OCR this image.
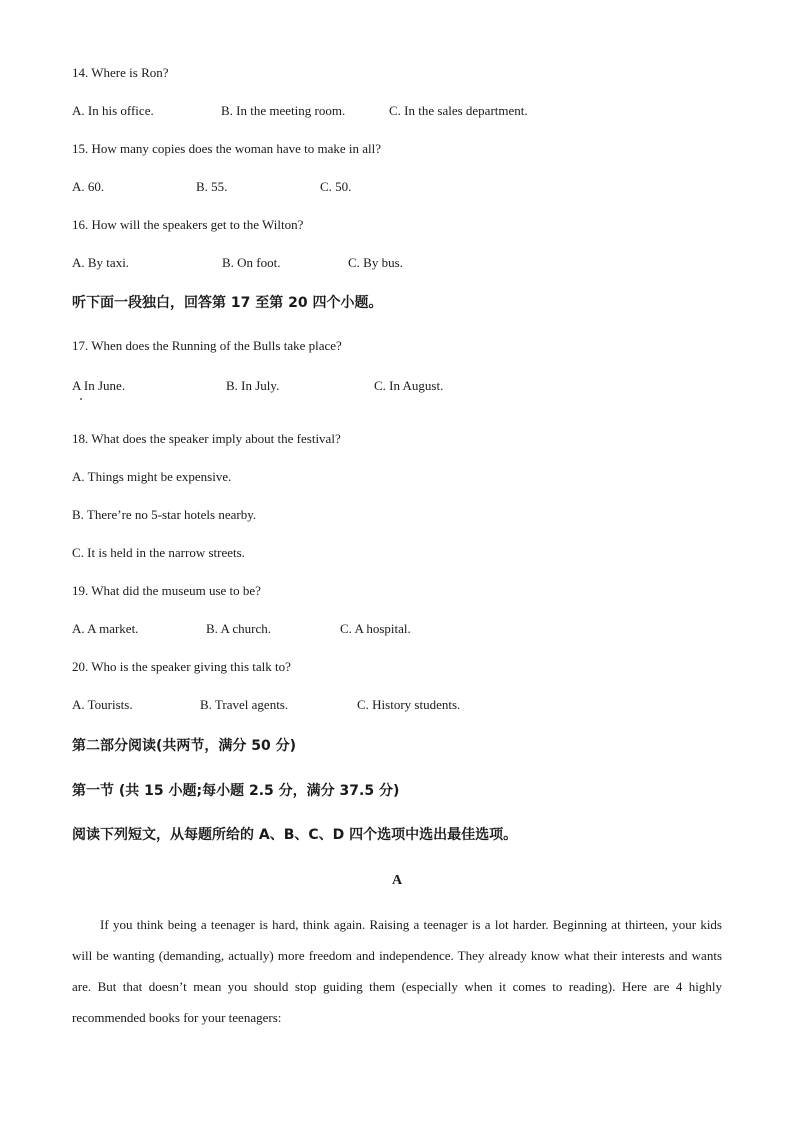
14. Where is Ron?
A. In his office.	B. In the meeting room.	C. In the sales department.
15. How many copies does the woman have to make in all?
A. 60.	B. 55.	C. 50.
16. How will the speakers get to the Wilton?
A. By taxi.	B. On foot.	C. By bus.
听下面一段独白，回答第 17 至第 20 四个小题。
17. When does the Running of the Bulls take place?
A In June.	B. In July.	C. In August.
18. What does the speaker imply about the festival?
A. Things might be expensive.
B. There’re no 5-star hotels nearby.
C. It is held in the narrow streets.
19. What did the museum use to be?
A. A market.	B. A church.	C. A hospital.
20. Who is the speaker giving this talk to?
A. Tourists.	B. Travel agents.	C. History students.
第二部分阅读(共两节，满分 50 分)
第一节 (共 15 小题;每小题 2.5 分，满分 37.5 分)
阅读下列短文，从每题所给的 A、B、C、D 四个选项中选出最佳选项。
A

If you think being a teenager is hard, think again. Raising a teenager is a lot harder. Beginning at thirteen, your kids will be wanting (demanding, actually) more freedom and independence. They already know what their interests and wants are. But that doesn’t mean you should stop guiding them (especially when it comes to reading). Here are 4 highly recommended books for your teenagers:
